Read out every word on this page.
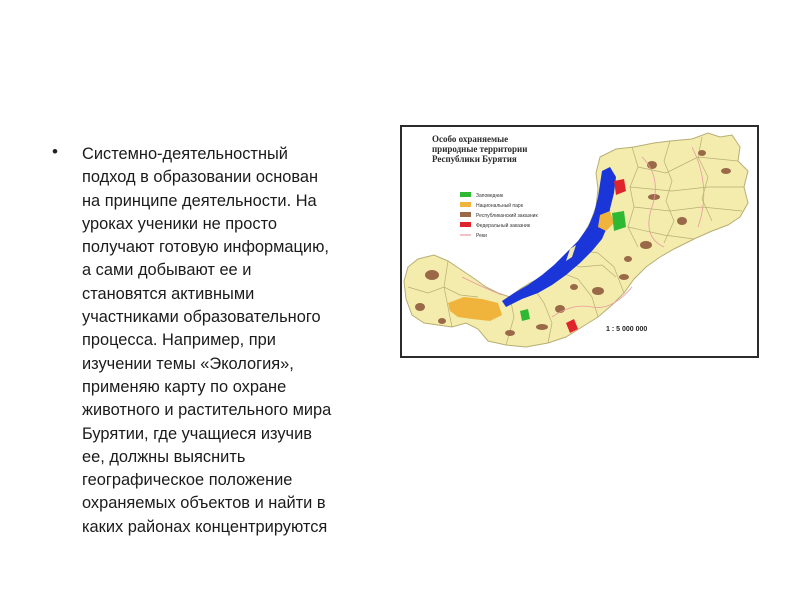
• Системно-деятельностный
подход в образовании основан
на принципе деятельности. На
уроках ученики не просто
получают готовую информацию,
а сами добывают ее и
становятся активными
участниками образовательного
процесса. Например, при
изучении темы «Экология»,
применяю карту по охране
животного и растительного мира
Бурятии, где учащиеся изучив
ее, должны выяснить
географическое положение
охраняемых объектов и найти в
каких районах концентрируются
Особо охраняемые
природные территории
Республики Бурятия
Заповедник
Национальный парк
Республиканский заказник
Федеральный заказник
Реки
1 : 5 000 000
